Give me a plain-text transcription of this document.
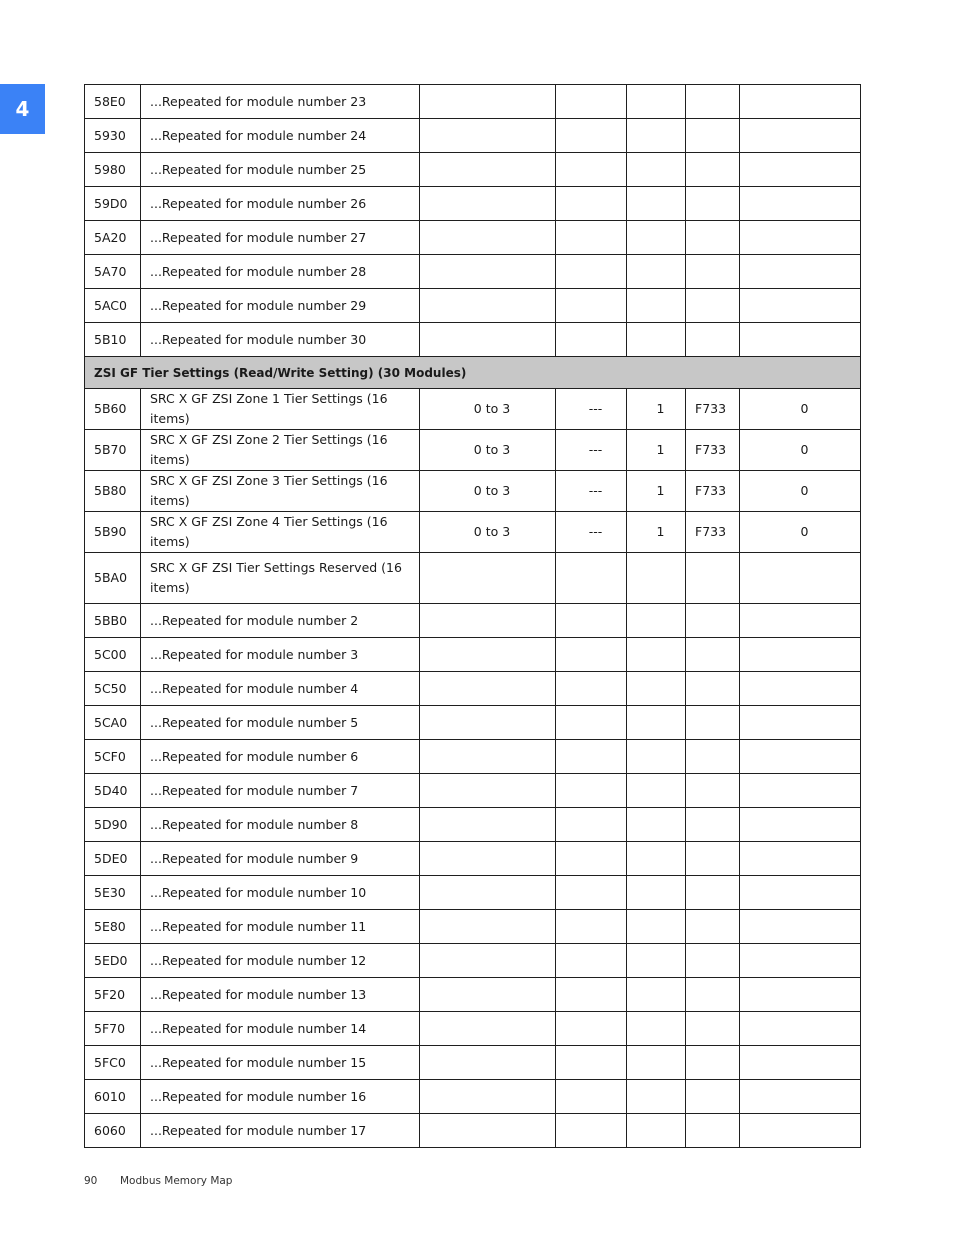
4	58E0	...Repeated for module number 23					
5930	...Repeated for module number 24					
5980	...Repeated for module number 25					
59D0	...Repeated for module number 26					
5A20	...Repeated for module number 27					
5A70	...Repeated for module number 28					
5AC0	...Repeated for module number 29					
5B10	...Repeated for module number 30					
ZSI GF Tier Settings (Read/Write Setting) (30 Modules)						
5B60	SRC X GF ZSI Zone 1 Tier Settings (16 items)	0 to 3	---	1	F733	0
5B70	SRC X GF ZSI Zone 2 Tier Settings (16 items)	0 to 3	---	1	F733	0
5B80	SRC X GF ZSI Zone 3 Tier Settings (16 items)	0 to 3	---	1	F733	0
5B90	SRC X GF ZSI Zone 4 Tier Settings (16 items)	0 to 3	---	1	F733	0
5BA0	SRC X GF ZSI Tier Settings Reserved (16 items)					
5BB0	...Repeated for module number 2					
5C00	...Repeated for module number 3					
5C50	...Repeated for module number 4					
5CA0	...Repeated for module number 5					
5CF0	...Repeated for module number 6					
5D40	...Repeated for module number 7					
5D90	...Repeated for module number 8					
5DE0	...Repeated for module number 9					
5E30	...Repeated for module number 10					
5E80	...Repeated for module number 11					
5ED0	...Repeated for module number 12					
5F20	...Repeated for module number 13					
5F70	...Repeated for module number 14					
5FC0	...Repeated for module number 15					
6010	...Repeated for module number 16					
6060	...Repeated for module number 17					
90 Modbus Memory Map
